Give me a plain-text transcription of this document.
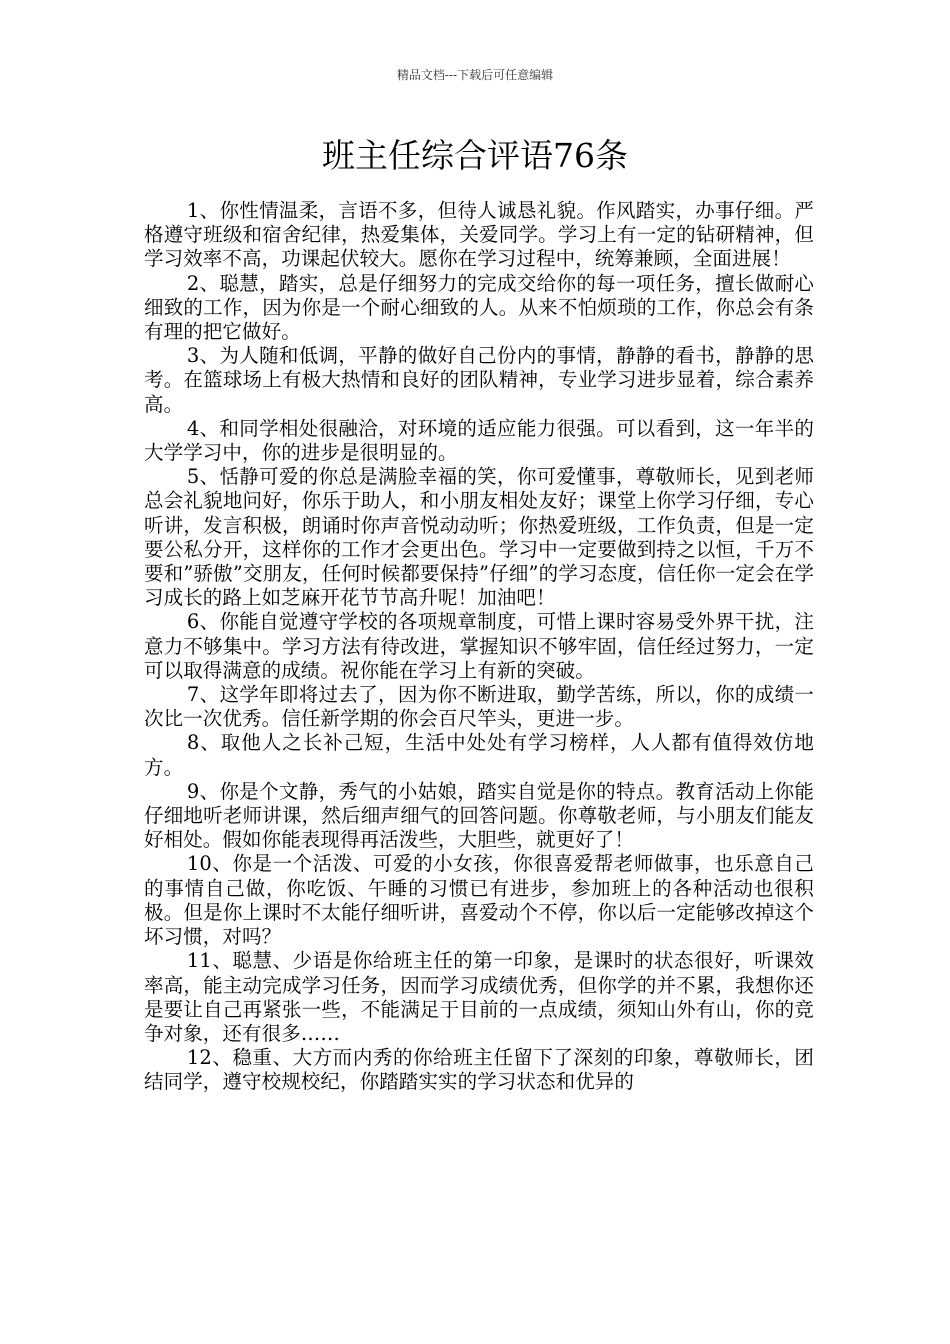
精品文档---下载后可任意编辑
班主任综合评语76条

1、你性情温柔，言语不多，但待人诚恳礼貌。作风踏实，办事仔细。严格遵守班级和宿舍纪律，热爱集体，关爱同学。学习上有一定的钻研精神，但学习效率不高，功课起伏较大。愿你在学习过程中，统筹兼顾，全面进展！

2、聪慧，踏实，总是仔细努力的完成交给你的每一项任务，擅长做耐心细致的工作，因为你是一个耐心细致的人。从来不怕烦琐的工作，你总会有条有理的把它做好。

3、为人随和低调，平静的做好自己份内的事情，静静的看书，静静的思考。在篮球场上有极大热情和良好的团队精神，专业学习进步显着，综合素养高。

4、和同学相处很融洽，对环境的适应能力很强。可以看到，这一年半的大学学习中，你的进步是很明显的。

5、恬静可爱的你总是满脸幸福的笑，你可爱懂事，尊敬师长，见到老师总会礼貌地问好，你乐于助人，和小朋友相处友好；课堂上你学习仔细，专心听讲，发言积极，朗诵时你声音悦动动听；你热爱班级，工作负责，但是一定要公私分开，这样你的工作才会更出色。学习中一定要做到持之以恒，千万不要和”骄傲”交朋友，任何时候都要保持”仔细”的学习态度，信任你一定会在学习成长的路上如芝麻开花节节高升呢！加油吧！

6、你能自觉遵守学校的各项规章制度，可惜上课时容易受外界干扰，注意力不够集中。学习方法有待改进，掌握知识不够牢固，信任经过努力，一定可以取得满意的成绩。祝你能在学习上有新的突破。

7、这学年即将过去了，因为你不断进取，勤学苦练，所以，你的成绩一次比一次优秀。信任新学期的你会百尺竿头，更进一步。

8、取他人之长补己短，生活中处处有学习榜样，人人都有值得效仿地方。

9、你是个文静，秀气的小姑娘，踏实自觉是你的特点。教育活动上你能仔细地听老师讲课，然后细声细气的回答问题。你尊敬老师，与小朋友们能友好相处。假如你能表现得再活泼些，大胆些，就更好了！

10、你是一个活泼、可爱的小女孩，你很喜爱帮老师做事，也乐意自己的事情自己做，你吃饭、午睡的习惯已有进步，参加班上的各种活动也很积极。但是你上课时不太能仔细听讲，喜爱动个不停，你以后一定能够改掉这个坏习惯，对吗？

11、聪慧、少语是你给班主任的第一印象，是课时的状态很好，听课效率高，能主动完成学习任务，因而学习成绩优秀，但你学的并不累，我想你还是要让自己再紧张一些，不能满足于目前的一点成绩，须知山外有山，你的竞争对象，还有很多……

12、稳重、大方而内秀的你给班主任留下了深刻的印象，尊敬师长，团结同学，遵守校规校纪，你踏踏实实的学习状态和优异的
